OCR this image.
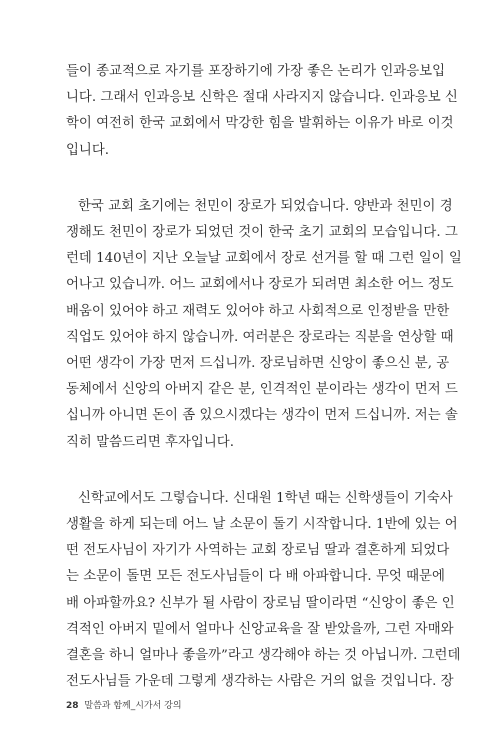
들이 종교적으로 자기를 포장하기에 가장 좋은 논리가 인과응보입
니다. 그래서 인과응보 신학은 절대 사라지지 않습니다. 인과응보 신
학이 여전히 한국 교회에서 막강한 힘을 발휘하는 이유가 바로 이것
입니다.
한국 교회 초기에는 천민이 장로가 되었습니다. 양반과 천민이 경
쟁해도 천민이 장로가 되었던 것이 한국 초기 교회의 모습입니다. 그
런데 140년이 지난 오늘날 교회에서 장로 선거를 할 때 그런 일이 일
어나고 있습니까. 어느 교회에서나 장로가 되려면 최소한 어느 정도
배움이 있어야 하고 재력도 있어야 하고 사회적으로 인정받을 만한
직업도 있어야 하지 않습니까. 여러분은 장로라는 직분을 연상할 때
어떤 생각이 가장 먼저 드십니까. 장로님하면 신앙이 좋으신 분, 공
동체에서 신앙의 아버지 같은 분, 인격적인 분이라는 생각이 먼저 드
십니까 아니면 돈이 좀 있으시겠다는 생각이 먼저 드십니까. 저는 솔
직히 말씀드리면 후자입니다.
신학교에서도 그렇습니다. 신대원 1학년 때는 신학생들이 기숙사
생활을 하게 되는데 어느 날 소문이 돌기 시작합니다. 1반에 있는 어
떤 전도사님이 자기가 사역하는 교회 장로님 딸과 결혼하게 되었다
는 소문이 돌면 모든 전도사님들이 다 배 아파합니다. 무엇 때문에
배 아파할까요? 신부가 될 사람이 장로님 딸이라면 “신앙이 좋은 인
격적인 아버지 밑에서 얼마나 신앙교육을 잘 받았을까, 그런 자매와
결혼을 하니 얼마나 좋을까”라고 생각해야 하는 것 아닙니까. 그런데
전도사님들 가운데 그렇게 생각하는 사람은 거의 없을 것입니다. 장
28 말씀과 함께_시가서 강의
